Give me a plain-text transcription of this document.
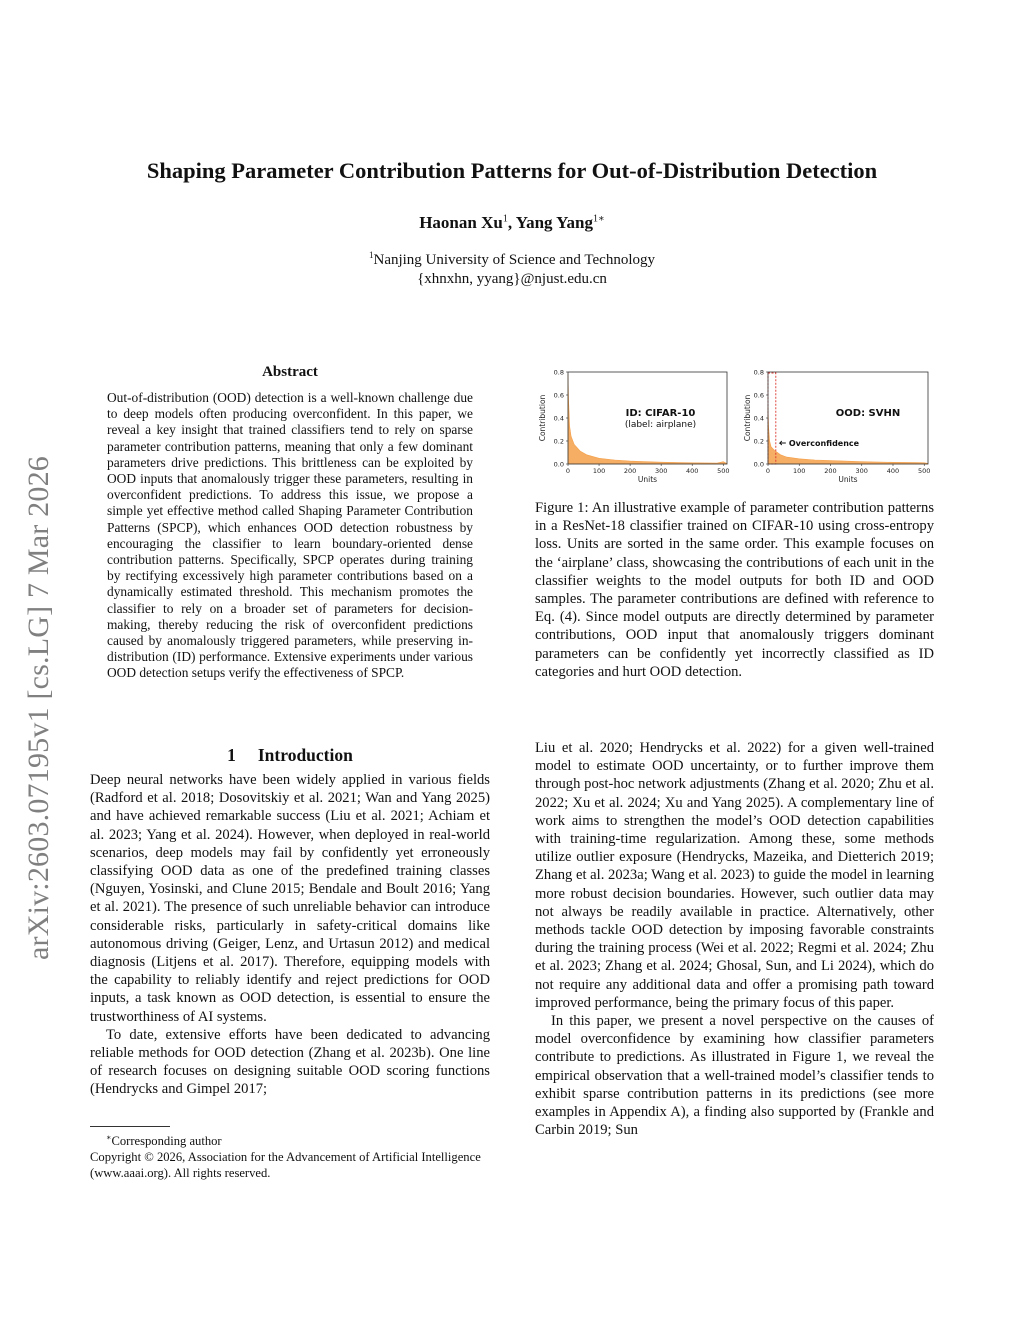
arXiv:2603.07195v1 [cs.LG] 7 Mar 2026
Shaping Parameter Contribution Patterns for Out-of-Distribution Detection
Haonan Xu$^1$, Yang Yang$^{1∗}$
$^1$Nanjing University of Science and Technology
{xhnxhn, yyang}@njust.edu.cn
Abstract

Out-of-distribution (OOD) detection is a well-known challenge due to deep models often producing overconfident. In this paper, we reveal a key insight that trained classifiers tend to rely on sparse parameter contribution patterns, meaning that only a few dominant parameters drive predictions. This brittleness can be exploited by OOD inputs that anomalously trigger these parameters, resulting in overconfident predictions. To address this issue, we propose a simple yet effective method called Shaping Parameter Contribution Patterns (SPCP), which enhances OOD detection robustness by encouraging the classifier to learn boundary-oriented dense contribution patterns. Specifically, SPCP operates during training by rectifying excessively high parameter contributions based on a dynamically estimated threshold. This mechanism promotes the classifier to rely on a broader set of parameters for decision-making, thereby reducing the risk of overconfident predictions caused by anomalously triggered parameters, while preserving in-distribution (ID) performance. Extensive experiments under various OOD detection setups verify the effectiveness of SPCP.

1 Introduction

Deep neural networks have been widely applied in various fields (Radford et al. 2018; Dosovitskiy et al. 2021; Wan and Yang 2025) and have achieved remarkable success (Liu et al. 2021; Achiam et al. 2023; Yang et al. 2024). However, when deployed in real-world scenarios, deep models may fail by confidently yet erroneously classifying OOD data as one of the predefined training classes (Nguyen, Yosinski, and Clune 2015; Bendale and Boult 2016; Yang et al. 2021). The presence of such unreliable behavior can introduce considerable risks, particularly in safety-critical domains like autonomous driving (Geiger, Lenz, and Urtasun 2012) and medical diagnosis (Litjens et al. 2017). Therefore, equipping models with the capability to reliably identify and reject predictions for OOD inputs, a task known as OOD detection, is essential to ensure the trustworthiness of AI systems.

To date, extensive efforts have been dedicated to advancing reliable methods for OOD detection (Zhang et al. 2023b). One line of research focuses on designing suitable OOD scoring functions (Hendrycks and Gimpel 2017;

∗Corresponding author
Copyright © 2026, Association for the Advancement of Artificial Intelligence (www.aaai.org). All rights reserved.
0.0
0.2
0.4
0.6
0.8
0	100	200	300	400	500
Units
Contribution	ID: CIFAR-10
(label: airplane)
0.0
0.2
0.4
0.6
0.8
0	100	200	300	400	500
Units
Contribution	OOD: SVHN
Overconfidence

Figure 1: An illustrative example of parameter contribution patterns in a ResNet-18 classifier trained on CIFAR-10 using cross-entropy loss. Units are sorted in the same order. This example focuses on the ‘airplane’ class, showcasing the contributions of each unit in the classifier weights to the model outputs for both ID and OOD samples. The parameter contributions are defined with reference to Eq. (4). Since model outputs are directly determined by parameter contributions, OOD input that anomalously triggers dominant parameters can be confidently yet incorrectly classified as ID categories and hurt OOD detection.

Liu et al. 2020; Hendrycks et al. 2022) for a given well-trained model to estimate OOD uncertainty, or to further improve them through post-hoc network adjustments (Zhang et al. 2020; Zhu et al. 2022; Xu et al. 2024; Xu and Yang 2025). A complementary line of work aims to strengthen the model’s OOD detection capabilities with training-time regularization. Among these, some methods utilize outlier exposure (Hendrycks, Mazeika, and Dietterich 2019; Zhang et al. 2023a; Wang et al. 2023) to guide the model in learning more robust decision boundaries. However, such outlier data may not always be readily available in practice. Alternatively, other methods tackle OOD detection by imposing favorable constraints during the training process (Wei et al. 2022; Regmi et al. 2024; Zhu et al. 2023; Zhang et al. 2024; Ghosal, Sun, and Li 2024), which do not require any additional data and offer a promising path toward improved performance, being the primary focus of this paper.

In this paper, we present a novel perspective on the causes of model overconfidence by examining how classifier parameters contribute to predictions. As illustrated in Figure 1, we reveal the empirical observation that a well-trained model’s classifier tends to exhibit sparse contribution patterns in its predictions (see more examples in Appendix A), a finding also supported by (Frankle and Carbin 2019; Sun
